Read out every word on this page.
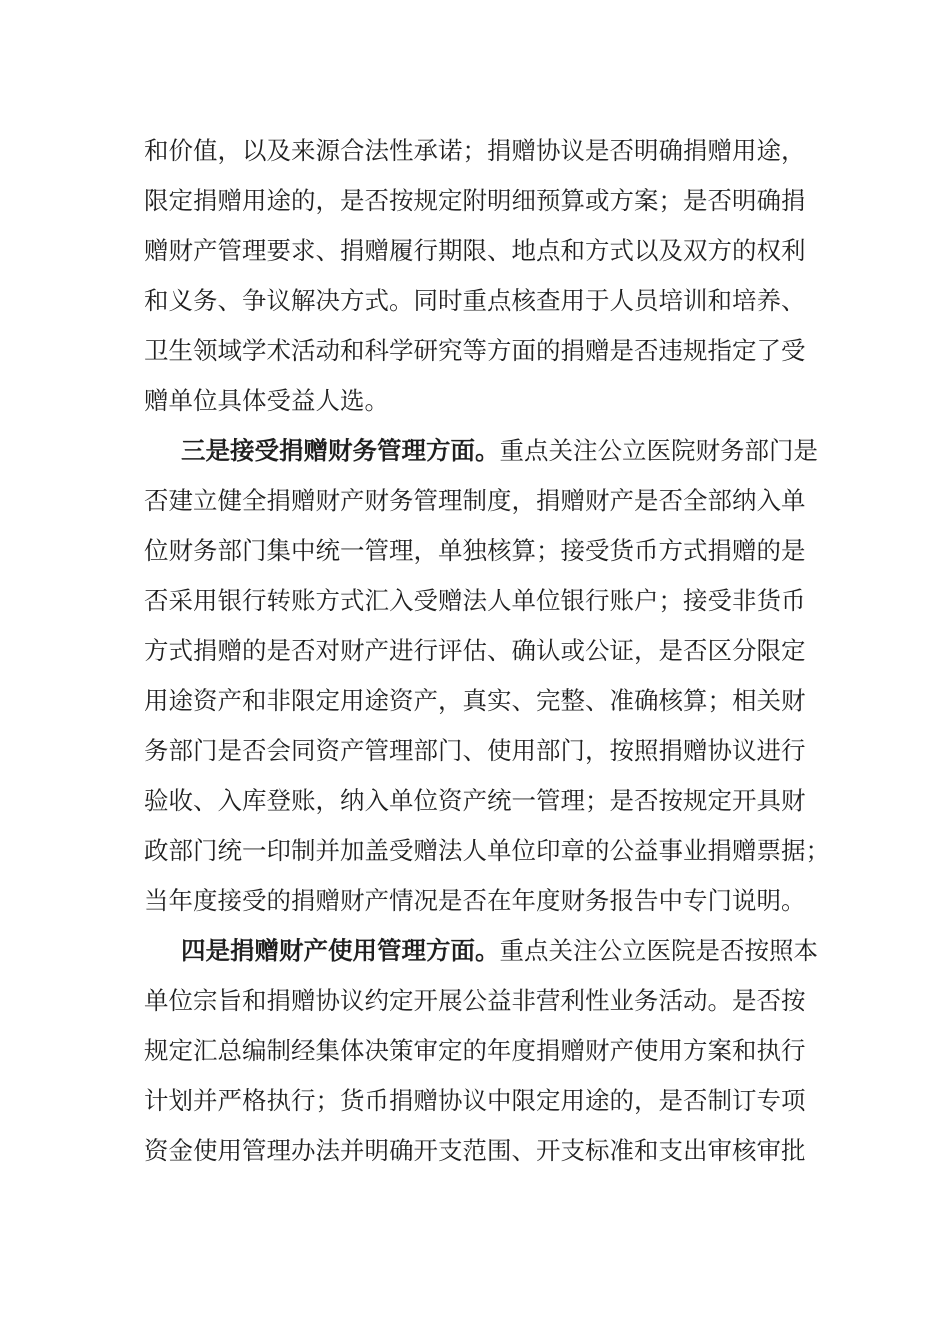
和价值，以及来源合法性承诺；捐赠协议是否明确捐赠用途，
限定捐赠用途的，是否按规定附明细预算或方案；是否明确捐
赠财产管理要求、捐赠履行期限、地点和方式以及双方的权利
和义务、争议解决方式。同时重点核查用于人员培训和培养、
卫生领域学术活动和科学研究等方面的捐赠是否违规指定了受
赠单位具体受益人选。
三是接受捐赠财务管理方面。重点关注公立医院财务部门是
否建立健全捐赠财产财务管理制度，捐赠财产是否全部纳入单
位财务部门集中统一管理，单独核算；接受货币方式捐赠的是
否采用银行转账方式汇入受赠法人单位银行账户；接受非货币
方式捐赠的是否对财产进行评估、确认或公证，是否区分限定
用途资产和非限定用途资产，真实、完整、准确核算；相关财
务部门是否会同资产管理部门、使用部门，按照捐赠协议进行
验收、入库登账，纳入单位资产统一管理；是否按规定开具财
政部门统一印制并加盖受赠法人单位印章的公益事业捐赠票据；
当年度接受的捐赠财产情况是否在年度财务报告中专门说明。
四是捐赠财产使用管理方面。重点关注公立医院是否按照本
单位宗旨和捐赠协议约定开展公益非营利性业务活动。是否按
规定汇总编制经集体决策审定的年度捐赠财产使用方案和执行
计划并严格执行；货币捐赠协议中限定用途的，是否制订专项
资金使用管理办法并明确开支范围、开支标准和支出审核审批
